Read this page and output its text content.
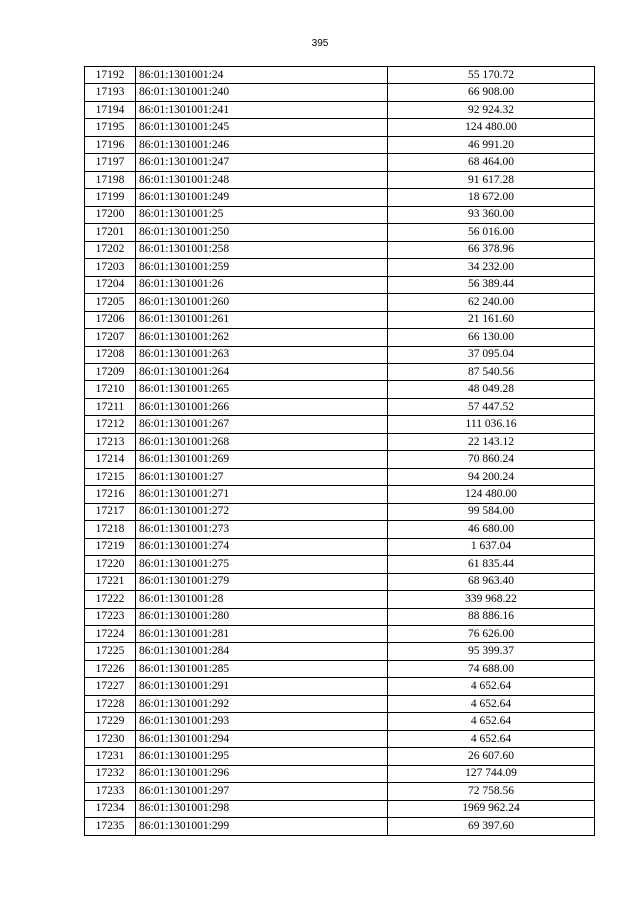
395
17192	86:01:1301001:24	55 170.72
17193	86:01:1301001:240	66 908.00
17194	86:01:1301001:241	92 924.32
17195	86:01:1301001:245	124 480.00
17196	86:01:1301001:246	46 991.20
17197	86:01:1301001:247	68 464.00
17198	86:01:1301001:248	91 617.28
17199	86:01:1301001:249	18 672.00
17200	86:01:1301001:25	93 360.00
17201	86:01:1301001:250	56 016.00
17202	86:01:1301001:258	66 378.96
17203	86:01:1301001:259	34 232.00
17204	86:01:1301001:26	56 389.44
17205	86:01:1301001:260	62 240.00
17206	86:01:1301001:261	21 161.60
17207	86:01:1301001:262	66 130.00
17208	86:01:1301001:263	37 095.04
17209	86:01:1301001:264	87 540.56
17210	86:01:1301001:265	48 049.28
17211	86:01:1301001:266	57 447.52
17212	86:01:1301001:267	111 036.16
17213	86:01:1301001:268	22 143.12
17214	86:01:1301001:269	70 860.24
17215	86:01:1301001:27	94 200.24
17216	86:01:1301001:271	124 480.00
17217	86:01:1301001:272	99 584.00
17218	86:01:1301001:273	46 680.00
17219	86:01:1301001:274	1 637.04
17220	86:01:1301001:275	61 835.44
17221	86:01:1301001:279	68 963.40
17222	86:01:1301001:28	339 968.22
17223	86:01:1301001:280	88 886.16
17224	86:01:1301001:281	76 626.00
17225	86:01:1301001:284	95 399.37
17226	86:01:1301001:285	74 688.00
17227	86:01:1301001:291	4 652.64
17228	86:01:1301001:292	4 652.64
17229	86:01:1301001:293	4 652.64
17230	86:01:1301001:294	4 652.64
17231	86:01:1301001:295	26 607.60
17232	86:01:1301001:296	127 744.09
17233	86:01:1301001:297	72 758.56
17234	86:01:1301001:298	1969 962.24
17235	86:01:1301001:299	69 397.60
